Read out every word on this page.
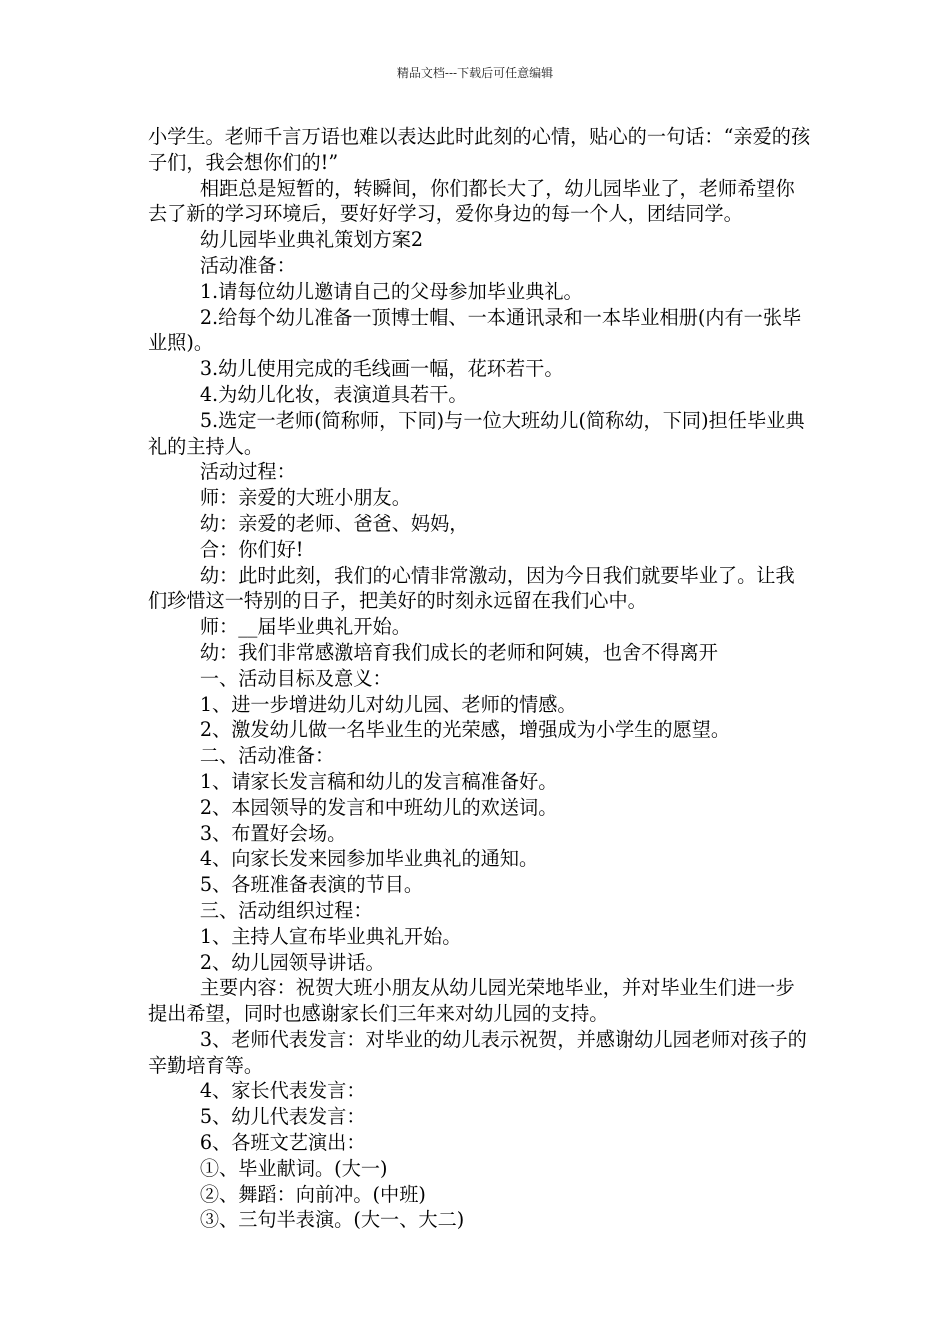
精品文档---下载后可任意编辑

小学生。老师千言万语也难以表达此时此刻的心情，贴心的一句话：“亲爱的孩子们，我会想你们的!”

相距总是短暂的，转瞬间，你们都长大了，幼儿园毕业了，老师希望你去了新的学习环境后，要好好学习，爱你身边的每一个人，团结同学。

幼儿园毕业典礼策划方案2

活动准备：

1.请每位幼儿邀请自己的父母参加毕业典礼。

2.给每个幼儿准备一顶博士帽、一本通讯录和一本毕业相册(内有一张毕业照)。

3.幼儿使用完成的毛线画一幅，花环若干。

4.为幼儿化妆，表演道具若干。

5.选定一老师(简称师，下同)与一位大班幼儿(简称幼，下同)担任毕业典礼的主持人。

活动过程：

师：亲爱的大班小朋友。

幼：亲爱的老师、爸爸、妈妈，

合：你们好!

幼：此时此刻，我们的心情非常激动，因为今日我们就要毕业了。让我们珍惜这一特别的日子，把美好的时刻永远留在我们心中。

师：__届毕业典礼开始。

幼：我们非常感激培育我们成长的老师和阿姨，也舍不得离开

一、活动目标及意义：

1、进一步增进幼儿对幼儿园、老师的情感。

2、激发幼儿做一名毕业生的光荣感，增强成为小学生的愿望。

二、活动准备：

1、请家长发言稿和幼儿的发言稿准备好。

2、本园领导的发言和中班幼儿的欢送词。

3、布置好会场。

4、向家长发来园参加毕业典礼的通知。

5、各班准备表演的节目。

三、活动组织过程：

1、主持人宣布毕业典礼开始。

2、幼儿园领导讲话。

主要内容：祝贺大班小朋友从幼儿园光荣地毕业，并对毕业生们进一步提出希望，同时也感谢家长们三年来对幼儿园的支持。

3、老师代表发言：对毕业的幼儿表示祝贺，并感谢幼儿园老师对孩子的辛勤培育等。

4、家长代表发言：

5、幼儿代表发言：

6、各班文艺演出：

①、毕业献词。(大一)

②、舞蹈：向前冲。(中班)

③、三句半表演。(大一、大二)
